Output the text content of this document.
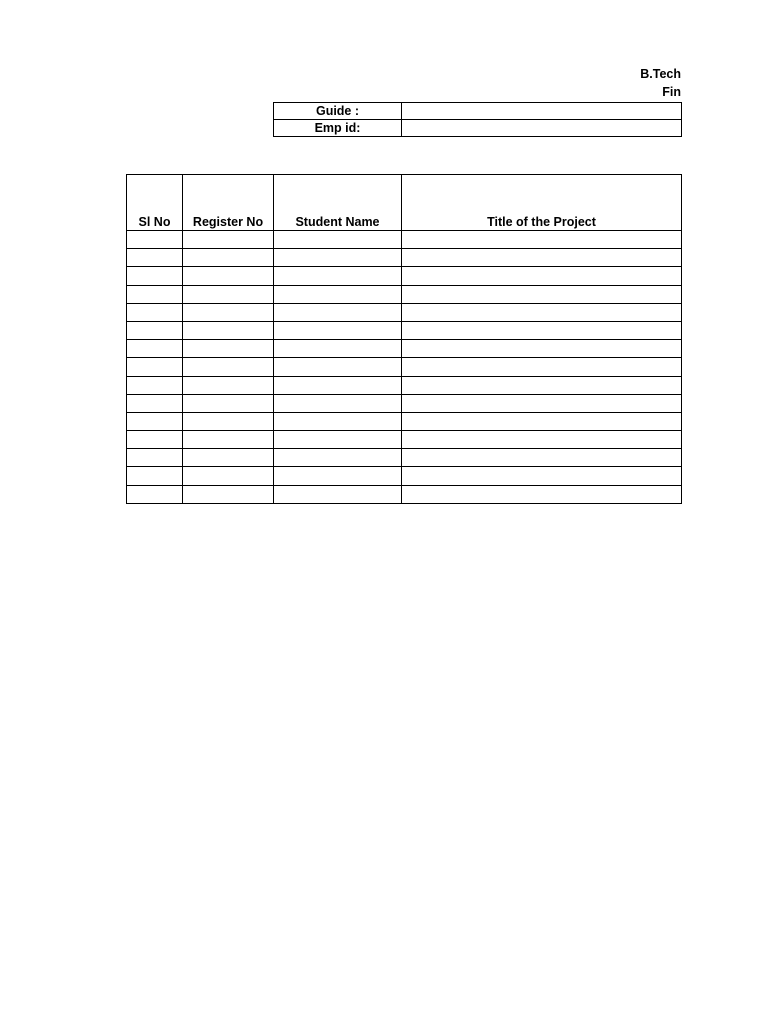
B.Tech
Fin
Guide :	
Emp id:	
Sl No	Register No	Student Name	Title of the Project
